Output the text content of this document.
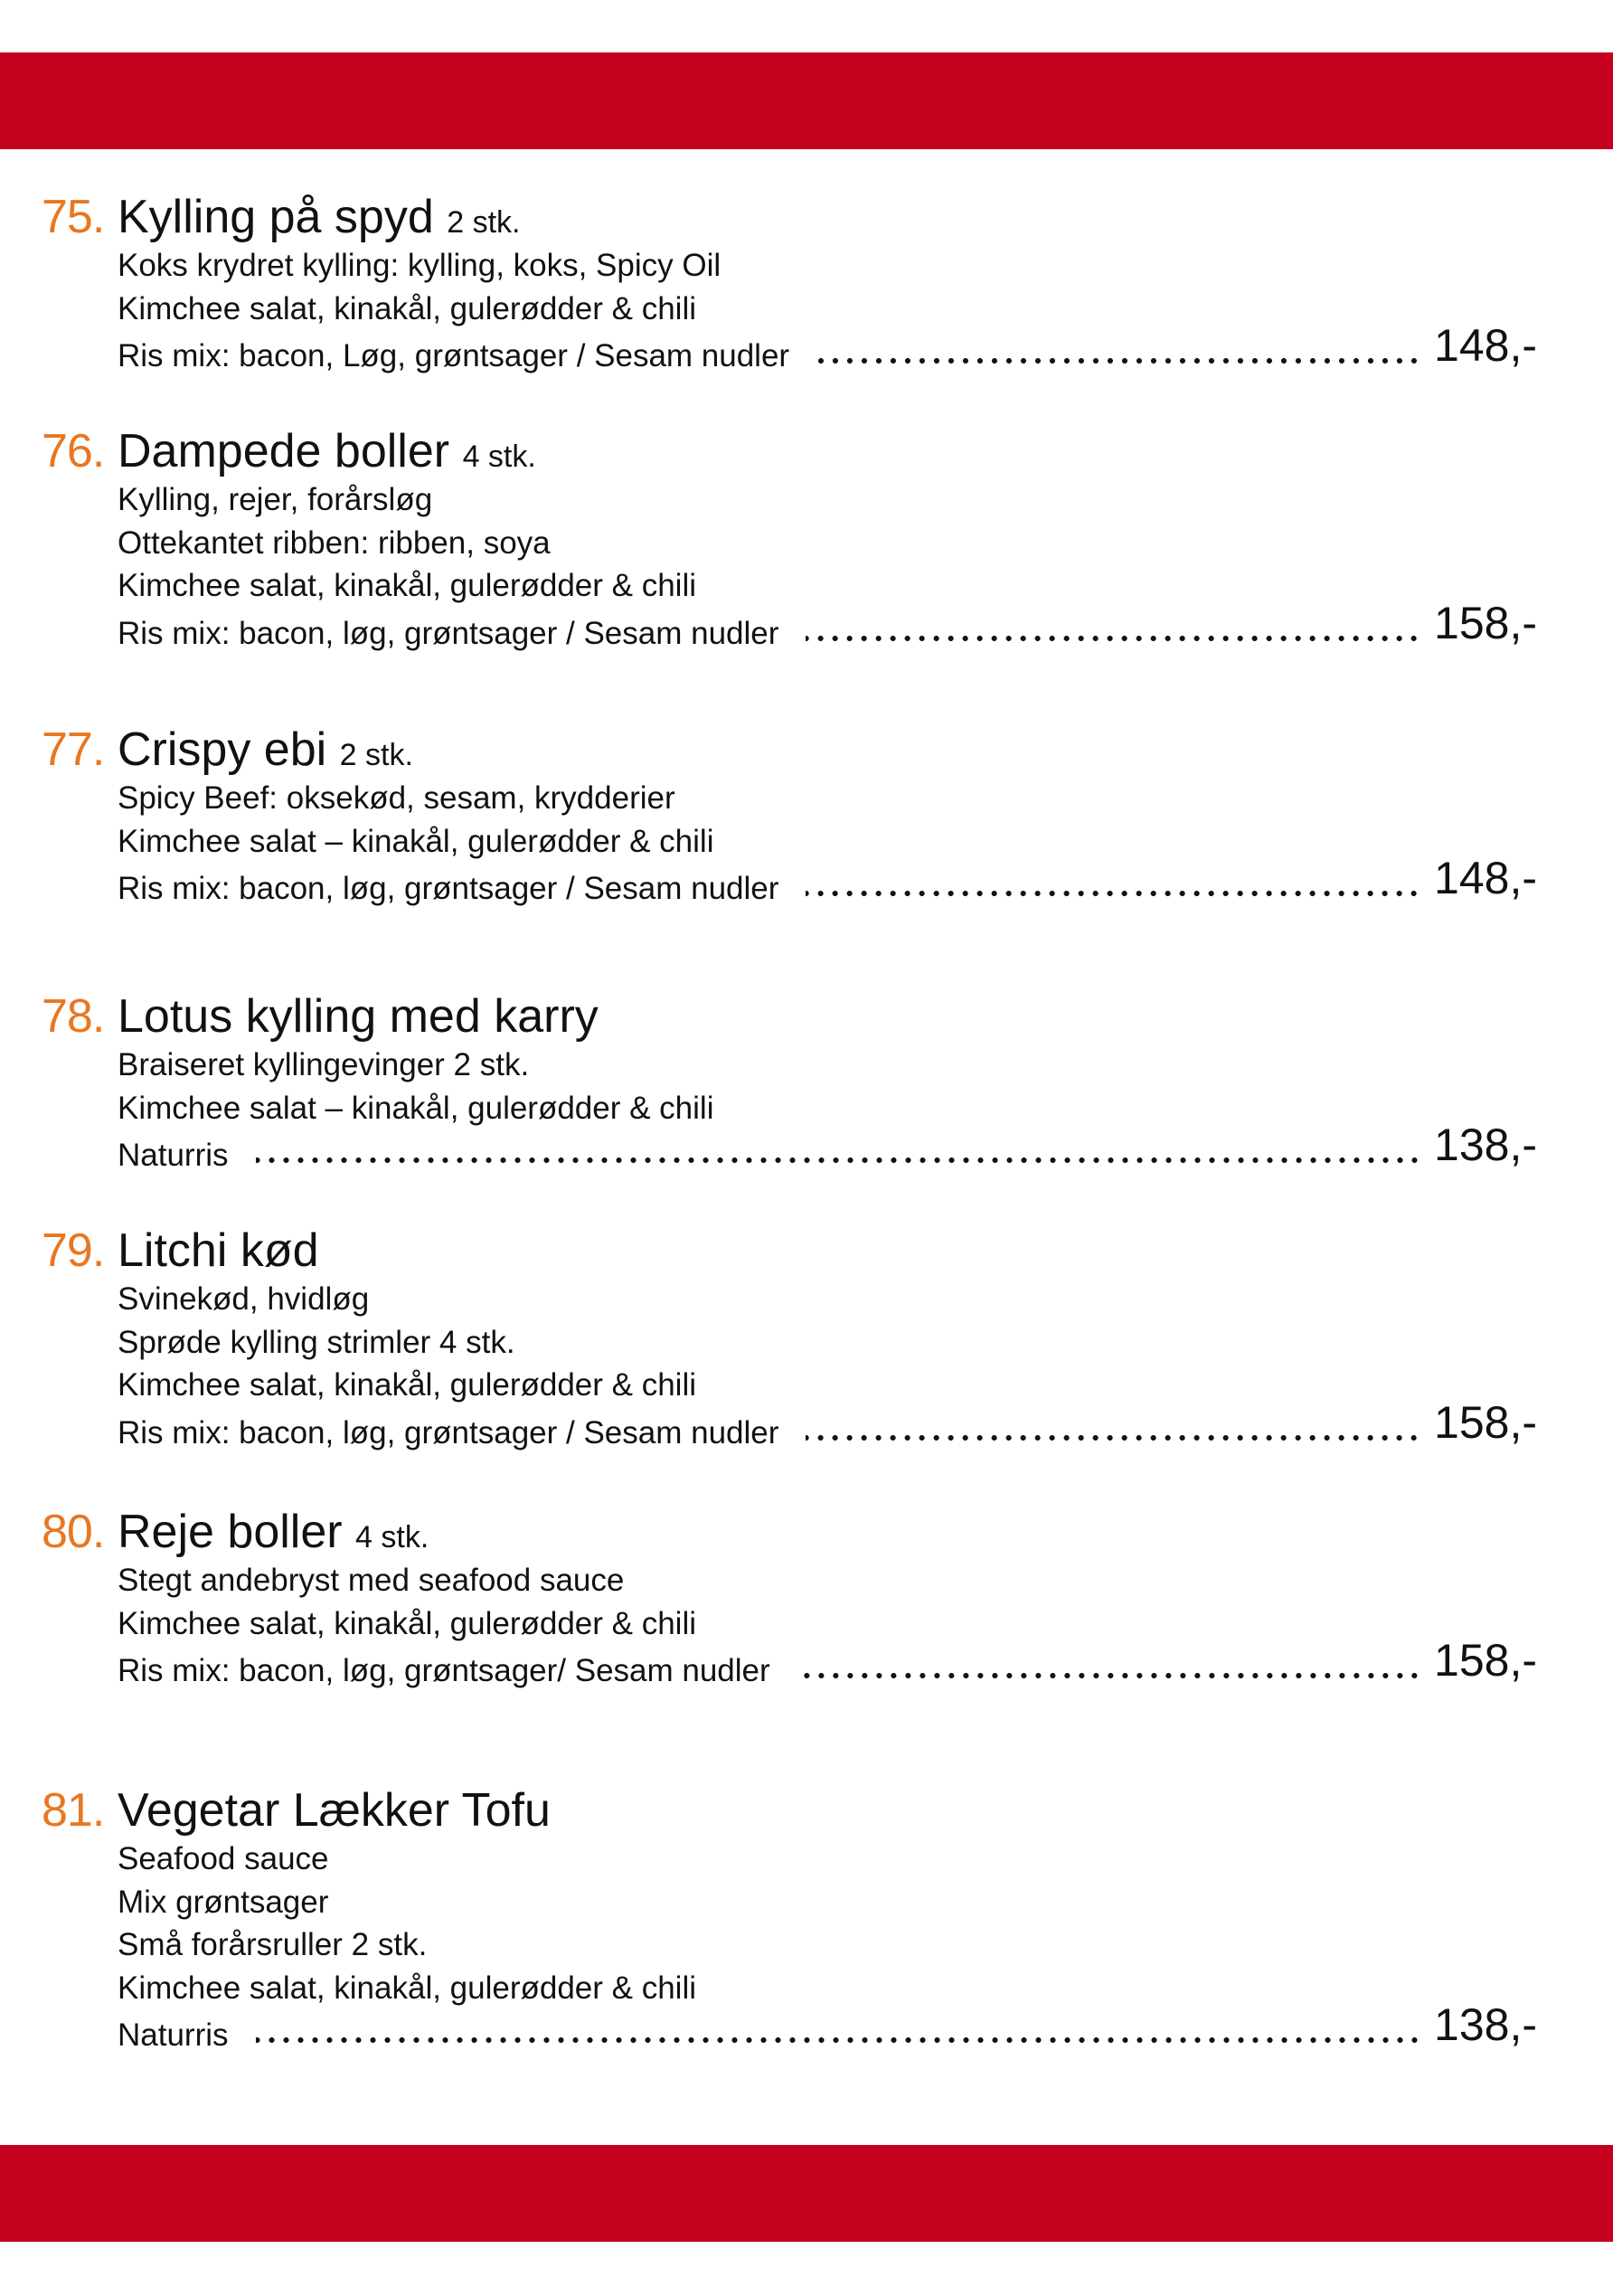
75. Kylling på spyd 2 stk.
Koks krydret kylling: kylling, koks, Spicy Oil
Kimchee salat, kinakål, gulerødder & chili
Ris mix: bacon, Løg, grøntsager / Sesam nudler	148,-
76. Dampede boller 4 stk.
Kylling, rejer, forårsløg
Ottekantet ribben: ribben, soya
Kimchee salat, kinakål, gulerødder & chili
Ris mix: bacon, løg, grøntsager / Sesam nudler	158,-
77. Crispy ebi 2 stk.
Spicy Beef: oksekød, sesam, krydderier
Kimchee salat – kinakål, gulerødder & chili
Ris mix: bacon, løg, grøntsager / Sesam nudler	148,-
78. Lotus kylling med karry
Braiseret kyllingevinger 2 stk.
Kimchee salat – kinakål, gulerødder & chili
Naturris	138,-
79. Litchi kød
Svinekød, hvidløg
Sprøde kylling strimler 4 stk.
Kimchee salat, kinakål, gulerødder & chili
Ris mix: bacon, løg, grøntsager / Sesam nudler	158,-
80. Reje boller 4 stk.
Stegt andebryst med seafood sauce
Kimchee salat, kinakål, gulerødder & chili
Ris mix: bacon, løg, grøntsager/ Sesam nudler	158,-
81. Vegetar Lækker Tofu
Seafood sauce
Mix grøntsager
Små forårsruller 2 stk.
Kimchee salat, kinakål, gulerødder & chili
Naturris	138,-
